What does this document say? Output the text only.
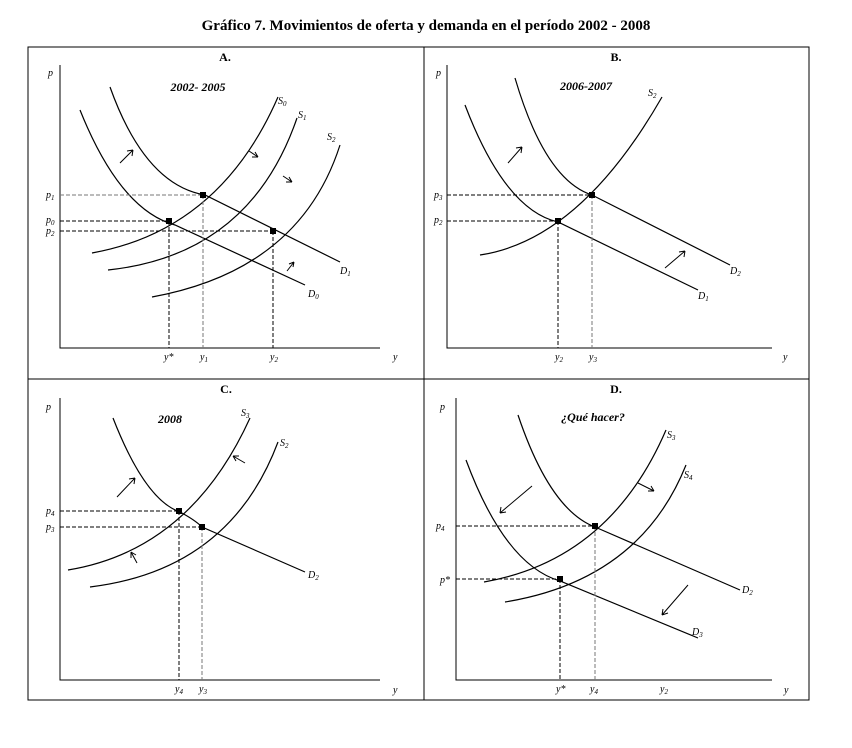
Gráfico 7. Movimientos de oferta y demanda en el período 2002 - 2008
A.
2002- 2005
p
y
$S_0$
$S_1$
$S_2$
$D_1$
$D_0$
$p_1$
$p_0$
$p_2$
y*	$y_1$	$y_2$
B.
2006-2007
p
y
$S_2$
$D_2$
$D_1$
$p_3$
$p_2$
$y_2$	$y_3$
C.
2008
p
y
$S_3$
$S_2$
$D_2$
$p_4$
$p_3$
$y_4$ $y_3$
D.
¿Qué hacer?
p
y
$S_3$
$S_4$
$D_2$
$D_3$
$p_4$
p*
y* $y_4$	$y_2$
